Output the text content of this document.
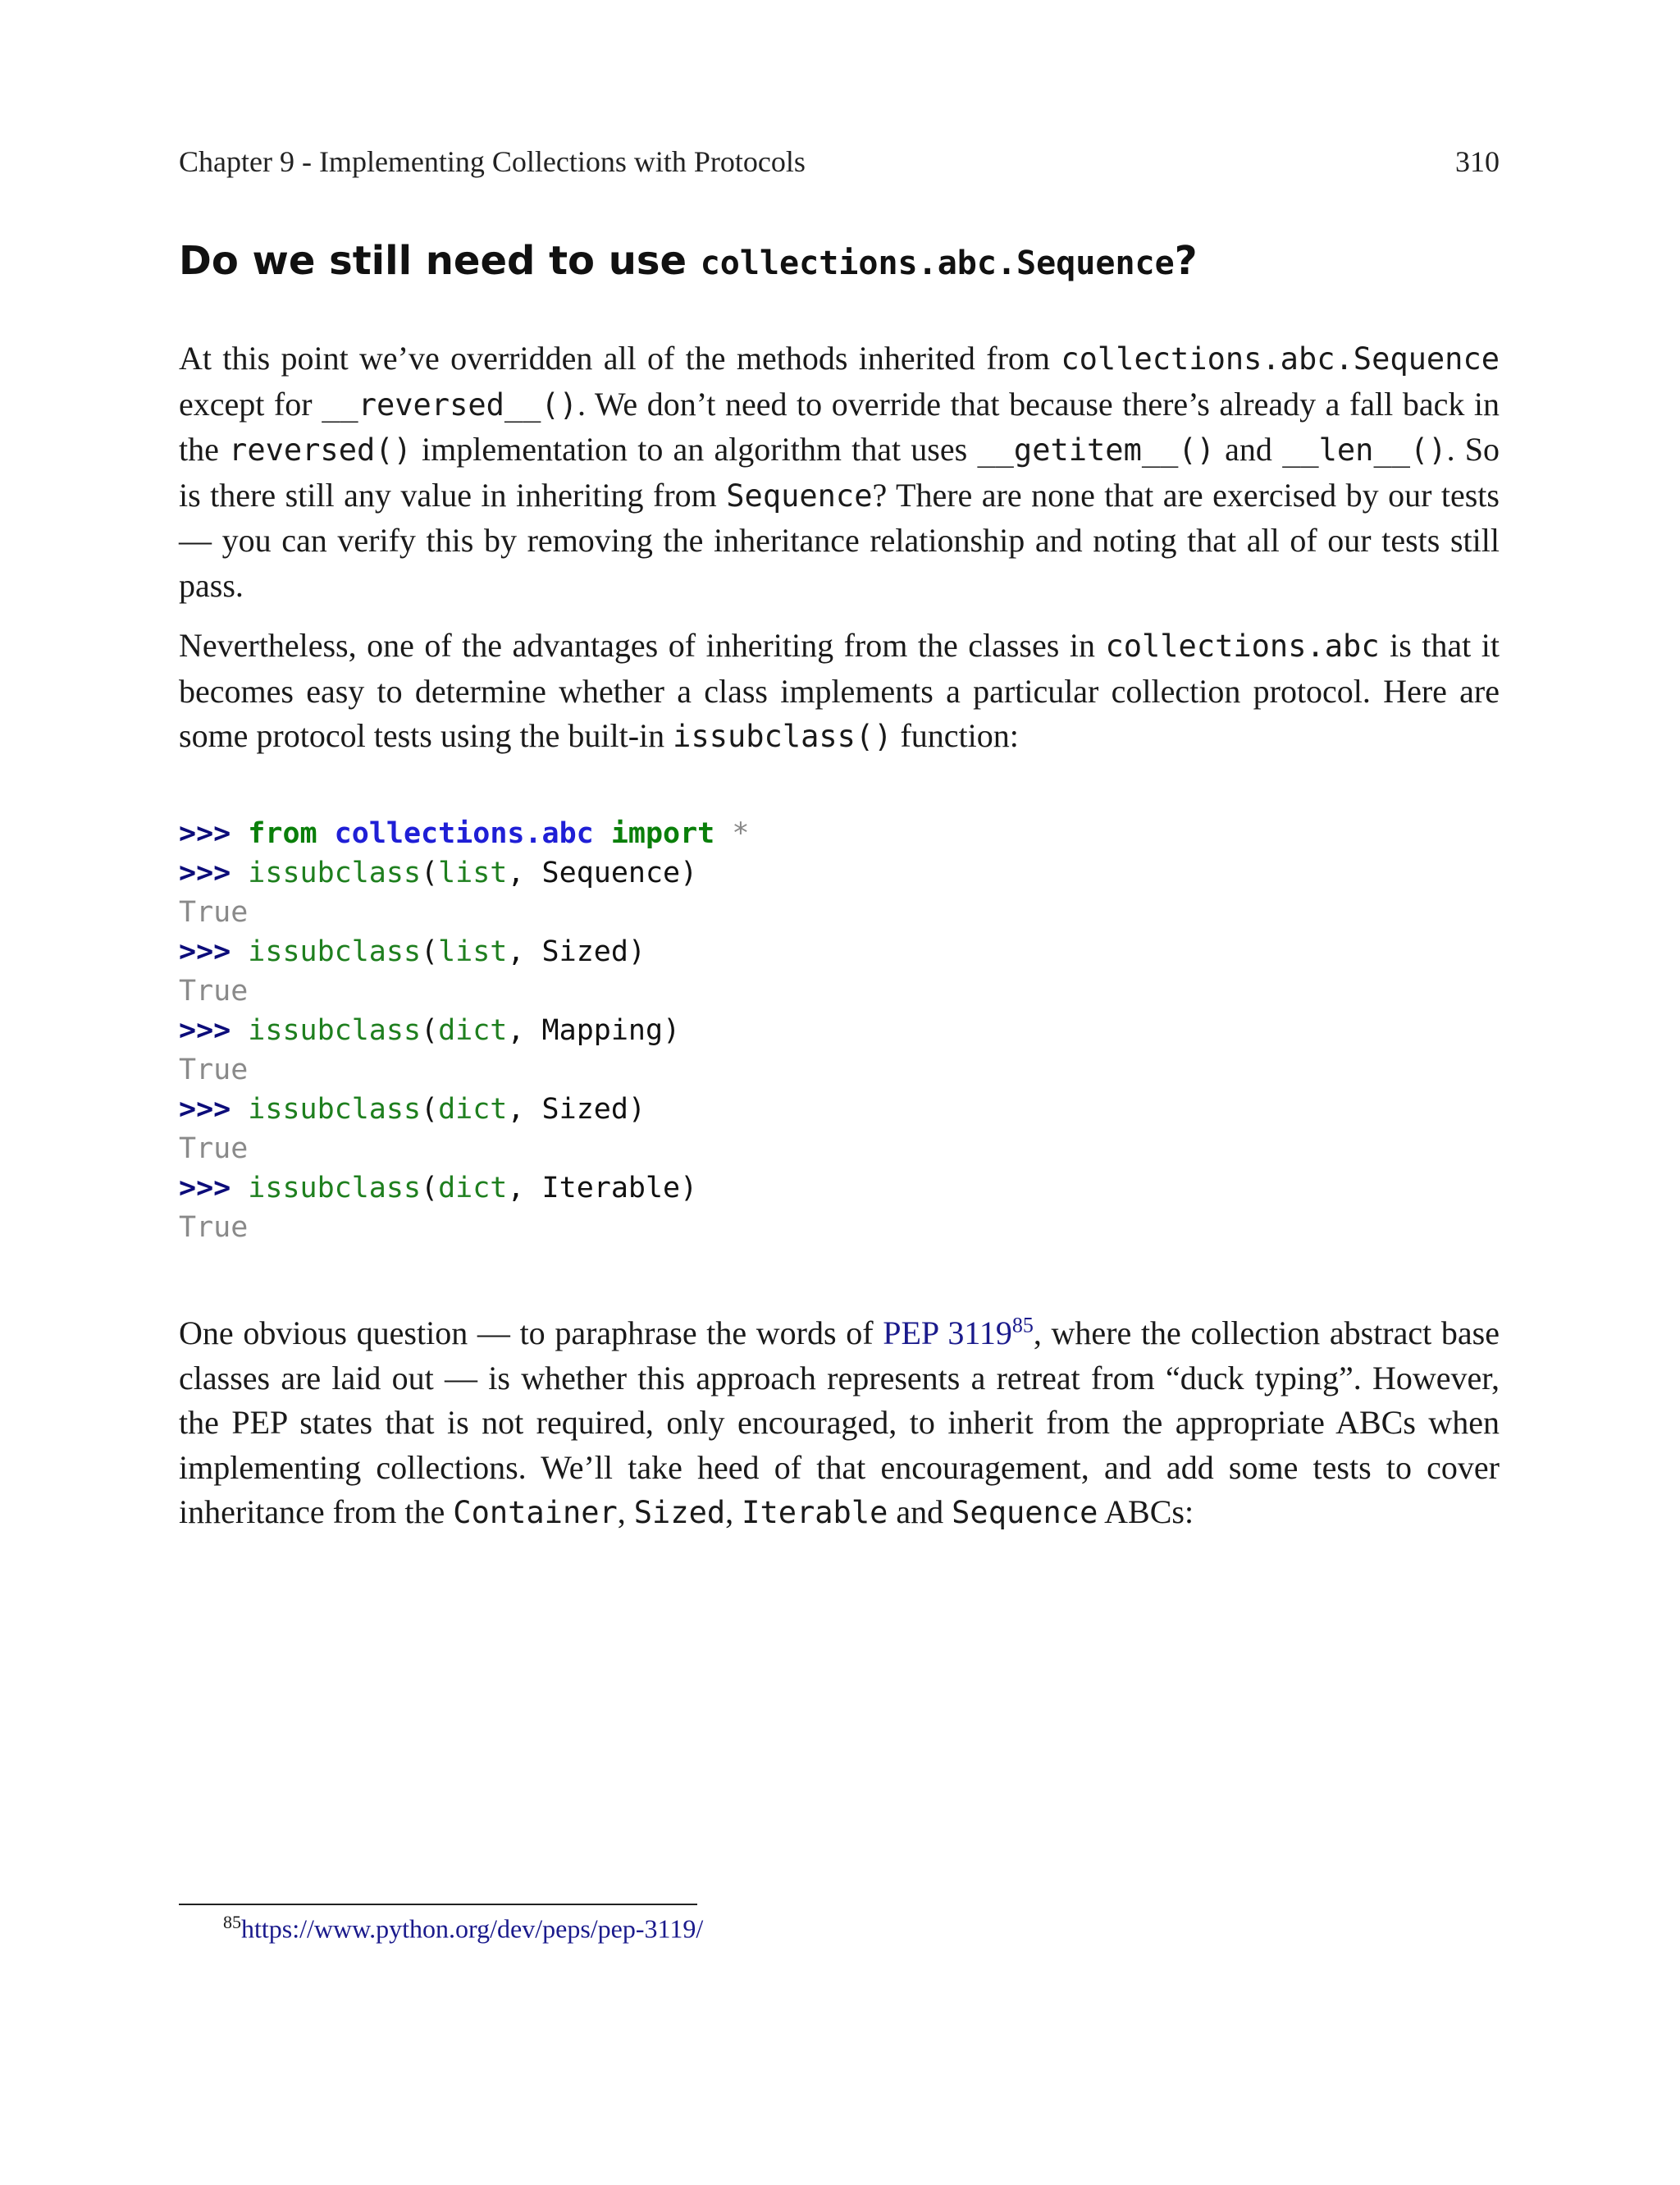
Chapter 9 - Implementing Collections with Protocols	310
Do we still need to use collections.abc.Sequence?

At this point we’ve overridden all of the methods inherited from collections.abc.Sequence except for __reversed__(). We don’t need to override that because there’s already a fall back in the reversed() implementation to an algorithm that uses __getitem__() and __len__(). So is there still any value in inheriting from Sequence? There are none that are exercised by our tests — you can verify this by removing the inheritance relationship and noting that all of our tests still pass.

Nevertheless, one of the advantages of inheriting from the classes in collections.abc is that it becomes easy to determine whether a class implements a particular collection protocol. Here are some protocol tests using the built-in issubclass() function:

>>> from collections.abc import *
>>> issubclass(list, Sequence)
True
>>> issubclass(list, Sized)
True
>>> issubclass(dict, Mapping)
True
>>> issubclass(dict, Sized)
True
>>> issubclass(dict, Iterable)
True

One obvious question — to paraphrase the words of PEP 3119$^{85}$, where the collection abstract base classes are laid out — is whether this approach represents a retreat from “duck typing”. However, the PEP states that is not required, only encouraged, to inherit from the appropriate ABCs when implementing collections. We’ll take heed of that encouragement, and add some tests to cover inheritance from the Container, Sized, Iterable and Sequence ABCs:

$^{85}$https://www.python.org/dev/peps/pep-3119/
